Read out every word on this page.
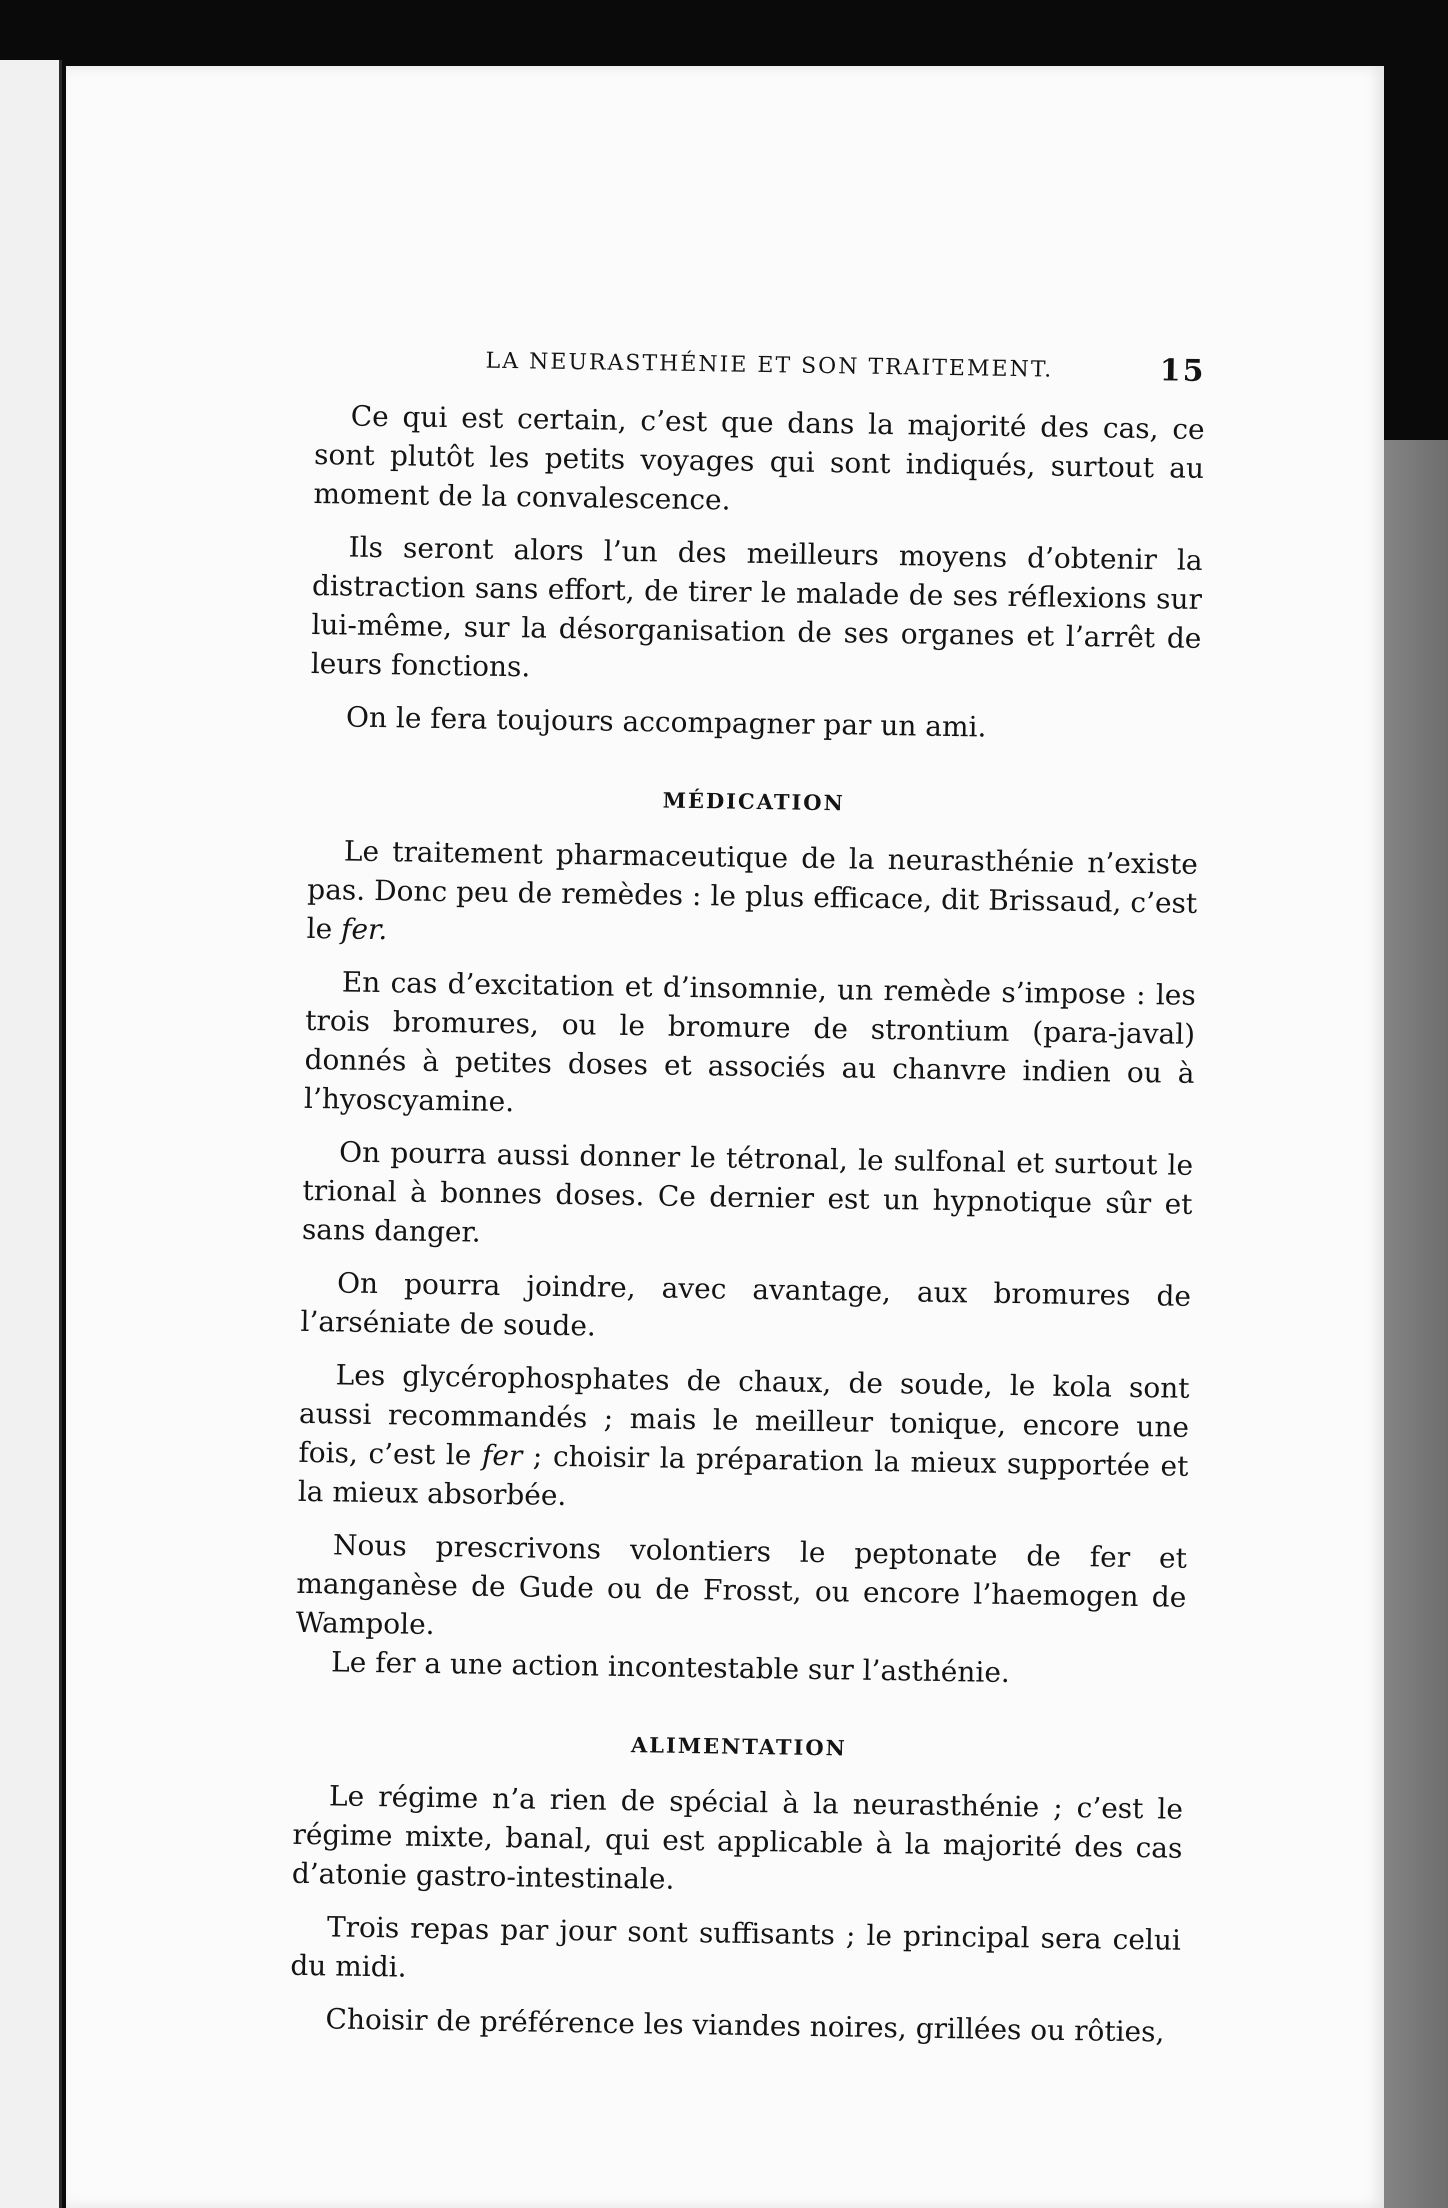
LA NEURASTHÉNIE ET SON TRAITEMENT.	15

Ce qui est certain, c’est que dans la majorité des cas, ce sont plutôt les petits voyages qui sont indiqués, surtout au moment de la convalescence.

Ils seront alors l’un des meilleurs moyens d’obtenir la distraction sans effort, de tirer le malade de ses réflexions sur lui-même, sur la désorganisation de ses organes et l’arrêt de leurs fonctions.

On le fera toujours accompagner par un ami.

MÉDICATION

Le traitement pharmaceutique de la neurasthénie n’existe pas. Donc peu de remèdes : le plus efficace, dit Brissaud, c’est le fer.

En cas d’excitation et d’insomnie, un remède s’impose : les trois bromures, ou le bromure de strontium (para-javal) donnés à petites doses et associés au chanvre indien ou à l’hyoscyamine.

On pourra aussi donner le tétronal, le sulfonal et surtout le trional à bonnes doses. Ce dernier est un hypnotique sûr et sans danger.

On pourra joindre, avec avantage, aux bromures de l’arséniate de soude.

Les glycérophosphates de chaux, de soude, le kola sont aussi recommandés ; mais le meilleur tonique, encore une fois, c’est le fer ; choisir la préparation la mieux supportée et la mieux absorbée.

Nous prescrivons volontiers le peptonate de fer et manganèse de Gude ou de Frosst, ou encore l’haemogen de Wampole.

Le fer a une action incontestable sur l’asthénie.

ALIMENTATION

Le régime n’a rien de spécial à la neurasthénie ; c’est le régime mixte, banal, qui est applicable à la majorité des cas d’atonie gastro-intestinale.

Trois repas par jour sont suffisants ; le principal sera celui du midi.

Choisir de préférence les viandes noires, grillées ou rôties,
